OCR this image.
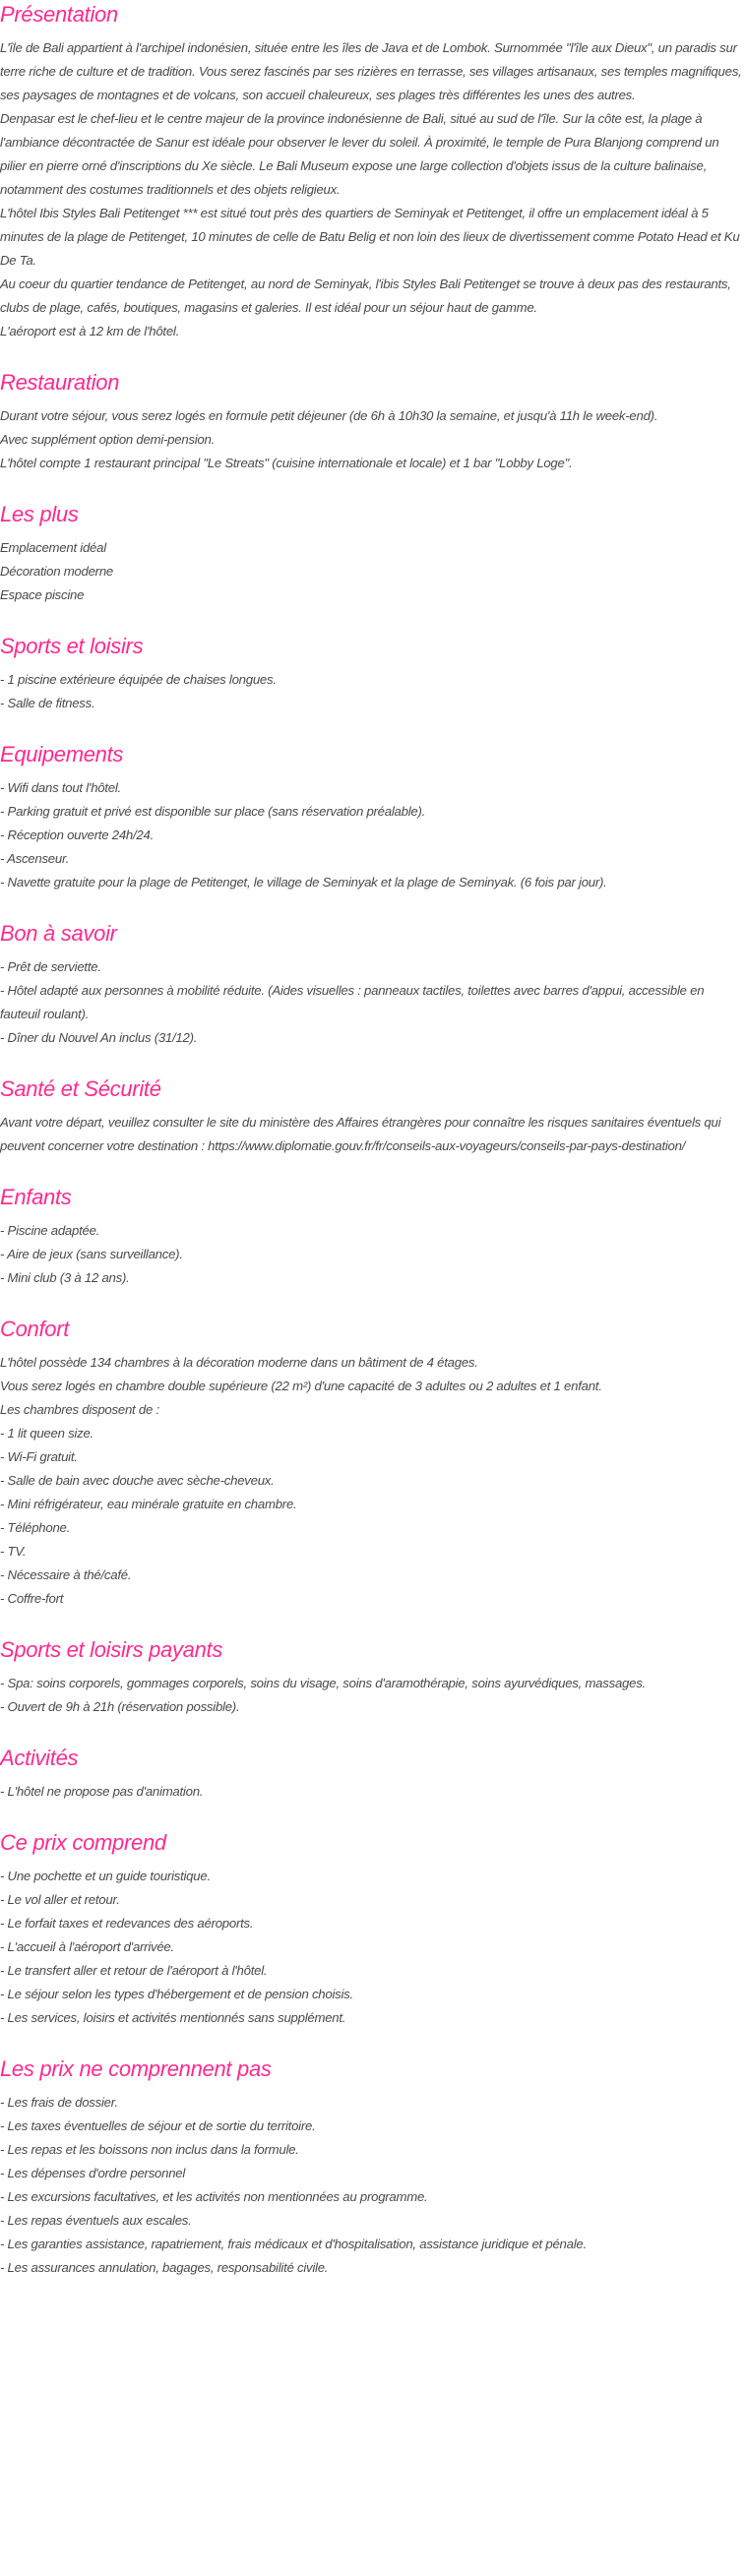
Présentation

L'île de Bali appartient à l'archipel indonésien, située entre les îles de Java et de Lombok. Surnommée "l'île aux Dieux", un paradis sur terre riche de culture et de tradition. Vous serez fascinés par ses rizières en terrasse, ses villages artisanaux, ses temples magnifiques, ses paysages de montagnes et de volcans, son accueil chaleureux, ses plages très différentes les unes des autres.

Denpasar est le chef-lieu et le centre majeur de la province indonésienne de Bali, situé au sud de l'île. Sur la côte est, la plage à l'ambiance décontractée de Sanur est idéale pour observer le lever du soleil. À proximité, le temple de Pura Blanjong comprend un pilier en pierre orné d'inscriptions du Xe siècle. Le Bali Museum expose une large collection d'objets issus de la culture balinaise, notamment des costumes traditionnels et des objets religieux.

L'hôtel Ibis Styles Bali Petitenget *** est situé tout près des quartiers de Seminyak et Petitenget, il offre un emplacement idéal à 5 minutes de la plage de Petitenget, 10 minutes de celle de Batu Belig et non loin des lieux de divertissement comme Potato Head et Ku De Ta.

Au coeur du quartier tendance de Petitenget, au nord de Seminyak, l'ibis Styles Bali Petitenget se trouve à deux pas des restaurants, clubs de plage, cafés, boutiques, magasins et galeries. Il est idéal pour un séjour haut de gamme.

L'aéroport est à 12 km de l'hôtel.

Restauration

Durant votre séjour, vous serez logés en formule petit déjeuner (de 6h à 10h30 la semaine, et jusqu'à 11h le week-end).

Avec supplément option demi-pension.

L'hôtel compte 1 restaurant principal "Le Streats" (cuisine internationale et locale) et 1 bar "Lobby Loge".

Les plus

Emplacement idéal

Décoration moderne

Espace piscine

Sports et loisirs

- 1 piscine extérieure équipée de chaises longues.

- Salle de fitness.

Equipements

- Wifi dans tout l'hôtel.

- Parking gratuit et privé est disponible sur place (sans réservation préalable).

- Réception ouverte 24h/24.

- Ascenseur.

- Navette gratuite pour la plage de Petitenget, le village de Seminyak et la plage de Seminyak. (6 fois par jour).

Bon à savoir

- Prêt de serviette.

- Hôtel adapté aux personnes à mobilité réduite. (Aides visuelles : panneaux tactiles, toilettes avec barres d'appui, accessible en fauteuil roulant).

- Dîner du Nouvel An inclus (31/12).

Santé et Sécurité

Avant votre départ, veuillez consulter le site du ministère des Affaires étrangères pour connaître les risques sanitaires éventuels qui peuvent concerner votre destination : https://www.diplomatie.gouv.fr/fr/conseils-aux-voyageurs/conseils-par-pays-destination/

Enfants

- Piscine adaptée.

- Aire de jeux (sans surveillance).

- Mini club (3 à 12 ans).

Confort

L'hôtel possède 134 chambres à la décoration moderne dans un bâtiment de 4 étages.

Vous serez logés en chambre double supérieure (22 m²) d'une capacité de 3 adultes ou 2 adultes et 1 enfant.

Les chambres disposent de :

- 1 lit queen size.

- Wi-Fi gratuit.

- Salle de bain avec douche avec sèche-cheveux.

- Mini réfrigérateur, eau minérale gratuite en chambre.

- Téléphone.

- TV.

- Nécessaire à thé/café.

- Coffre-fort

Sports et loisirs payants

- Spa: soins corporels, gommages corporels, soins du visage, soins d'aramothérapie, soins ayurvédiques, massages.

- Ouvert de 9h à 21h (réservation possible).

Activités

- L'hôtel ne propose pas d'animation.

Ce prix comprend

- Une pochette et un guide touristique.

- Le vol aller et retour.

- Le forfait taxes et redevances des aéroports.

- L'accueil à l'aéroport d'arrivée.

- Le transfert aller et retour de l'aéroport à l'hôtel.

- Le séjour selon les types d'hébergement et de pension choisis.

- Les services, loisirs et activités mentionnés sans supplément.

Les prix ne comprennent pas

- Les frais de dossier.

- Les taxes éventuelles de séjour et de sortie du territoire.

- Les repas et les boissons non inclus dans la formule.

- Les dépenses d'ordre personnel

- Les excursions facultatives, et les activités non mentionnées au programme.

- Les repas éventuels aux escales.

- Les garanties assistance, rapatriement, frais médicaux et d'hospitalisation, assistance juridique et pénale.

- Les assurances annulation, bagages, responsabilité civile.
